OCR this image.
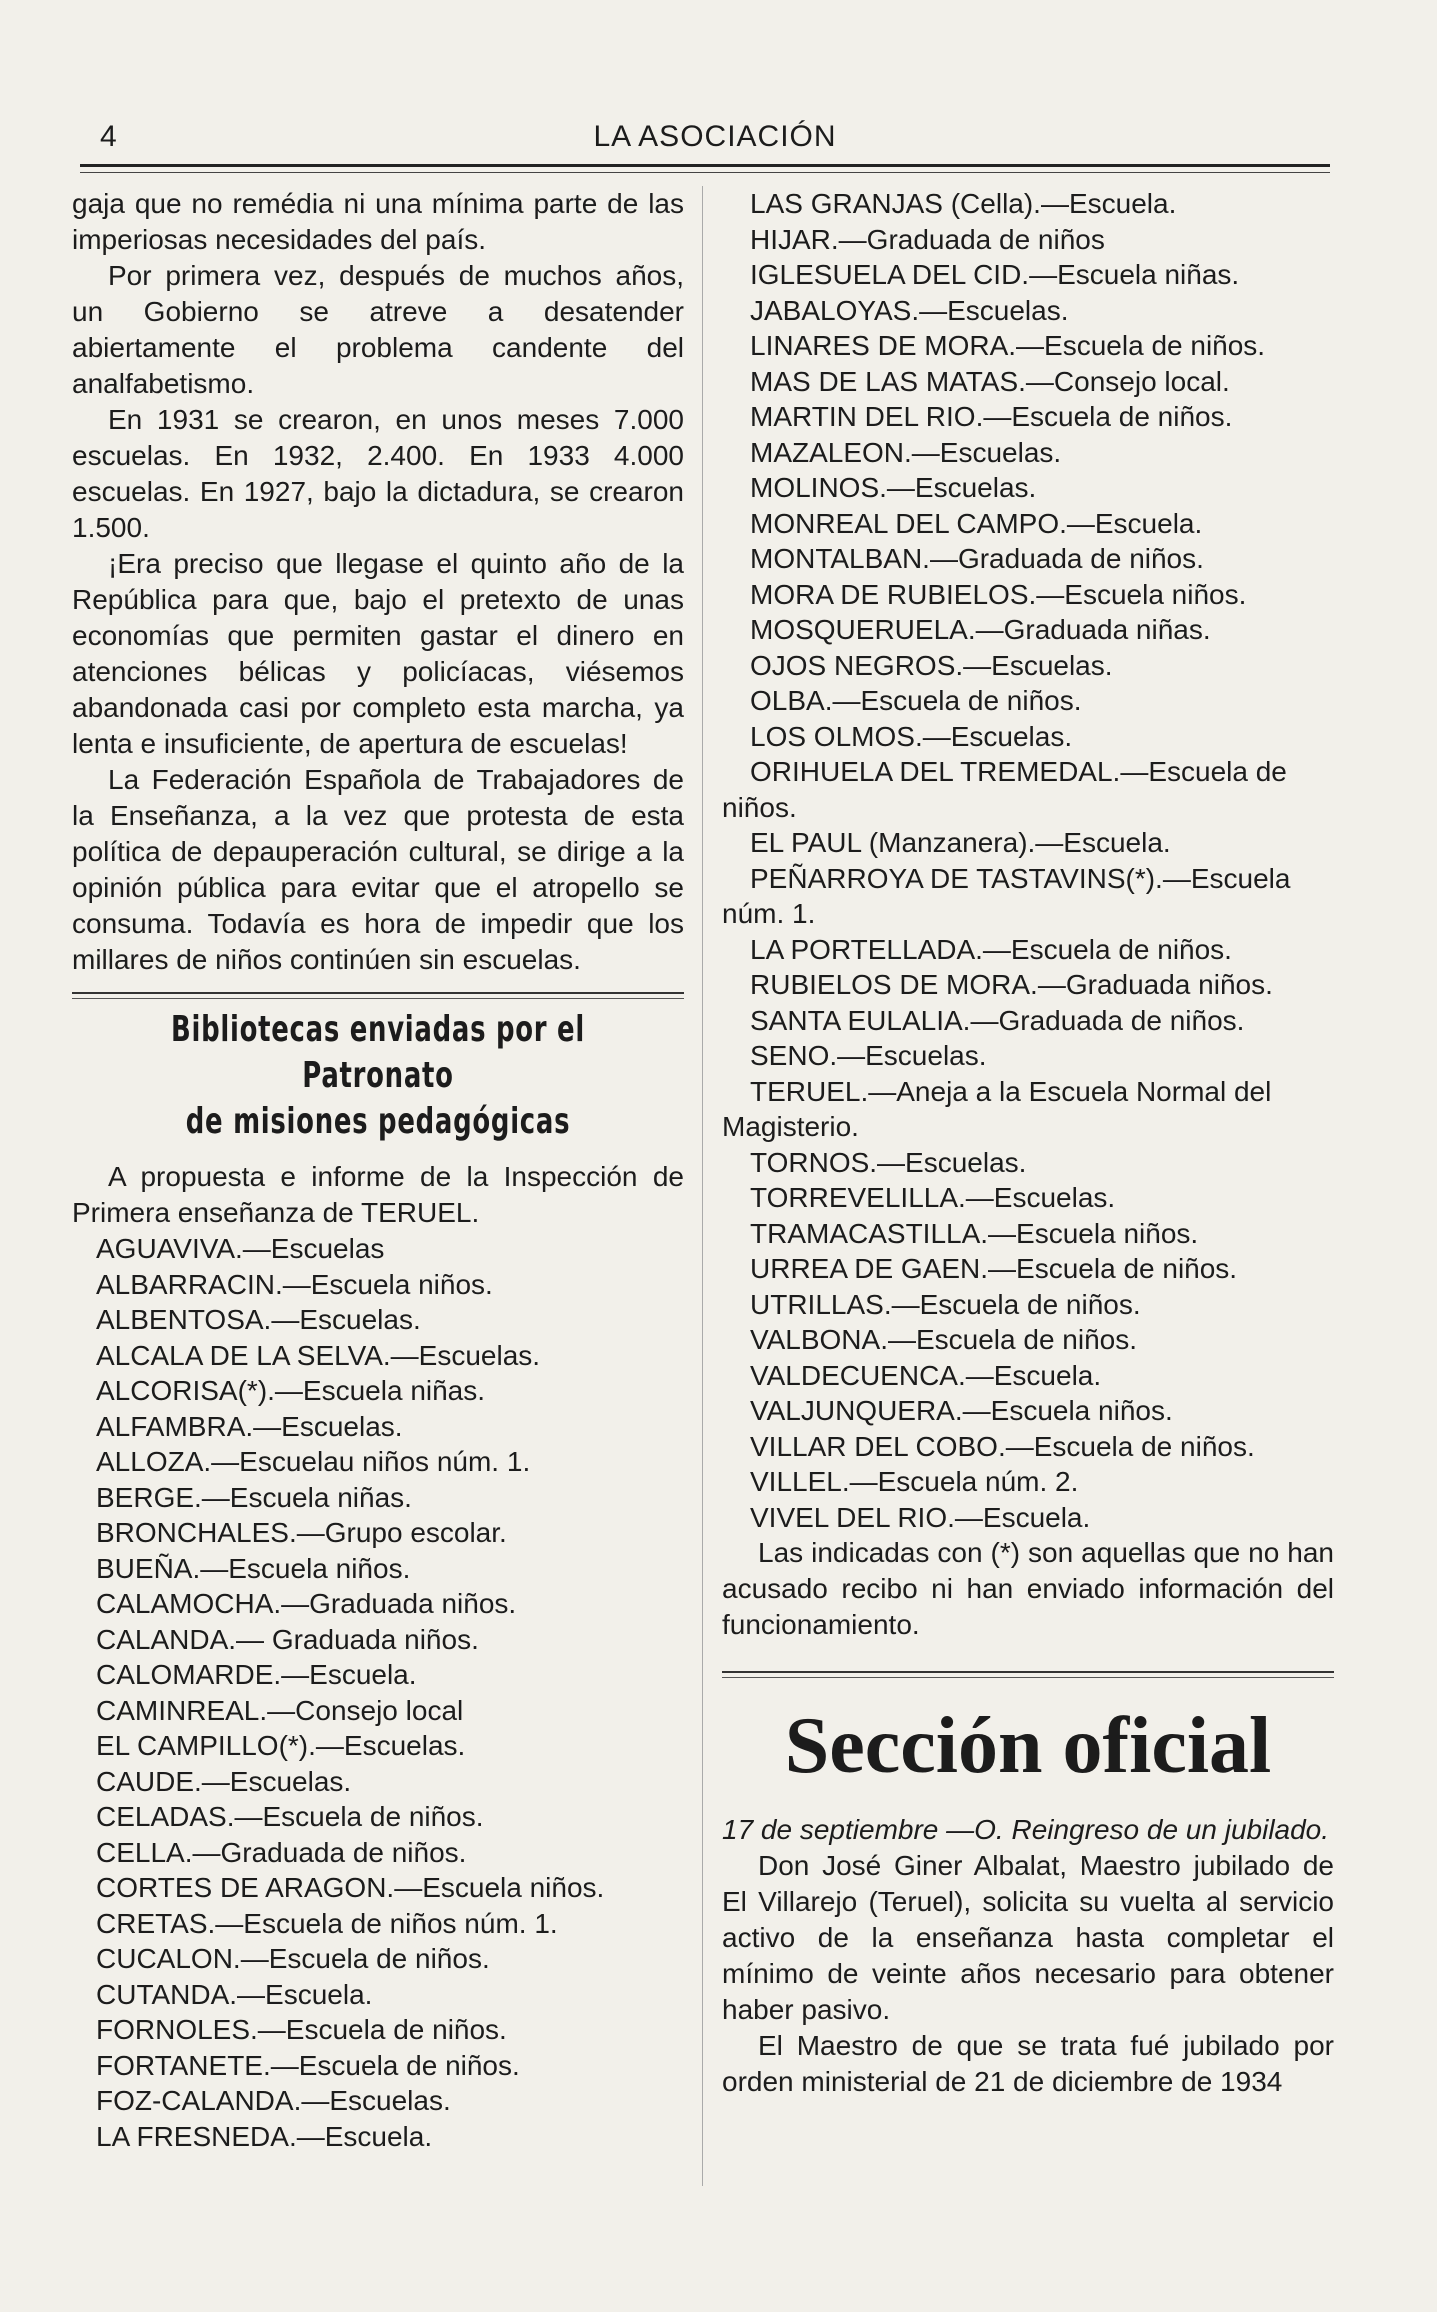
4	LA ASOCIACIÓN

gaja que no remédia ni una mínima parte de las imperiosas necesidades del país.

Por primera vez, después de muchos años, un Gobierno se atreve a desatender abiertamente el problema candente del analfabetismo.

En 1931 se crearon, en unos meses 7.000 escuelas. En 1932, 2.400. En 1933 4.000 escuelas. En 1927, bajo la dictadura, se crearon 1.500.

¡Era preciso que llegase el quinto año de la República para que, bajo el pretexto de unas economías que permiten gastar el dinero en atenciones bélicas y policíacas, viésemos abandonada casi por completo esta marcha, ya lenta e insuficiente, de apertura de escuelas!

La Federación Española de Trabajadores de la Enseñanza, a la vez que protesta de esta política de depauperación cultural, se dirige a la opinión pública para evitar que el atropello se consuma. Todavía es hora de impedir que los millares de niños continúen sin escuelas.

Bibliotecas enviadas por el Patronato
de misiones pedagógicas

A propuesta e informe de la Inspección de Primera enseñanza de TERUEL.

AGUAVIVA.—Escuelas
ALBARRACIN.—Escuela niños.
ALBENTOSA.—Escuelas.
ALCALA DE LA SELVA.—Escuelas.
ALCORISA(*).—Escuela niñas.
ALFAMBRA.—Escuelas.
ALLOZA.—Escuelau niños núm. 1.
BERGE.—Escuela niñas.
BRONCHALES.—Grupo escolar.
BUEÑA.—Escuela niños.
CALAMOCHA.—Graduada niños.
CALANDA.— Graduada niños.
CALOMARDE.—Escuela.
CAMINREAL.—Consejo local
EL CAMPILLO(*).—Escuelas.
CAUDE.—Escuelas.
CELADAS.—Escuela de niños.
CELLA.—Graduada de niños.
CORTES DE ARAGON.—Escuela niños.
CRETAS.—Escuela de niños núm. 1.
CUCALON.—Escuela de niños.
CUTANDA.—Escuela.
FORNOLES.—Escuela de niños.
FORTANETE.—Escuela de niños.
FOZ-CALANDA.—Escuelas.
LA FRESNEDA.—Escuela.
LAS GRANJAS (Cella).—Escuela.
HIJAR.—Graduada de niños
IGLESUELA DEL CID.—Escuela niñas.
JABALOYAS.—Escuelas.
LINARES DE MORA.—Escuela de niños.
MAS DE LAS MATAS.—Consejo local.
MARTIN DEL RIO.—Escuela de niños.
MAZALEON.—Escuelas.
MOLINOS.—Escuelas.
MONREAL DEL CAMPO.—Escuela.
MONTALBAN.—Graduada de niños.
MORA DE RUBIELOS.—Escuela niños.
MOSQUERUELA.—Graduada niñas.
OJOS NEGROS.—Escuelas.
OLBA.—Escuela de niños.
LOS OLMOS.—Escuelas.
ORIHUELA DEL TREMEDAL.—Escuela de niños.
EL PAUL (Manzanera).—Escuela.
PEÑARROYA DE TASTAVINS(*).—Escuela núm. 1.
LA PORTELLADA.—Escuela de niños.
RUBIELOS DE MORA.—Graduada niños.
SANTA EULALIA.—Graduada de niños.
SENO.—Escuelas.
TERUEL.—Aneja a la Escuela Normal del Magisterio.
TORNOS.—Escuelas.
TORREVELILLA.—Escuelas.
TRAMACASTILLA.—Escuela niños.
URREA DE GAEN.—Escuela de niños.
UTRILLAS.—Escuela de niños.
VALBONA.—Escuela de niños.
VALDECUENCA.—Escuela.
VALJUNQUERA.—Escuela niños.
VILLAR DEL COBO.—Escuela de niños.
VILLEL.—Escuela núm. 2.
VIVEL DEL RIO.—Escuela.

Las indicadas con (*) son aquellas que no han acusado recibo ni han enviado información del funcionamiento.

Sección oficial

17 de septiembre —O. Reingreso de un jubilado.

Don José Giner Albalat, Maestro jubilado de El Villarejo (Teruel), solicita su vuelta al servicio activo de la enseñanza hasta completar el mínimo de veinte años necesario para obtener haber pasivo.

El Maestro de que se trata fué jubilado por orden ministerial de 21 de diciembre de 1934
